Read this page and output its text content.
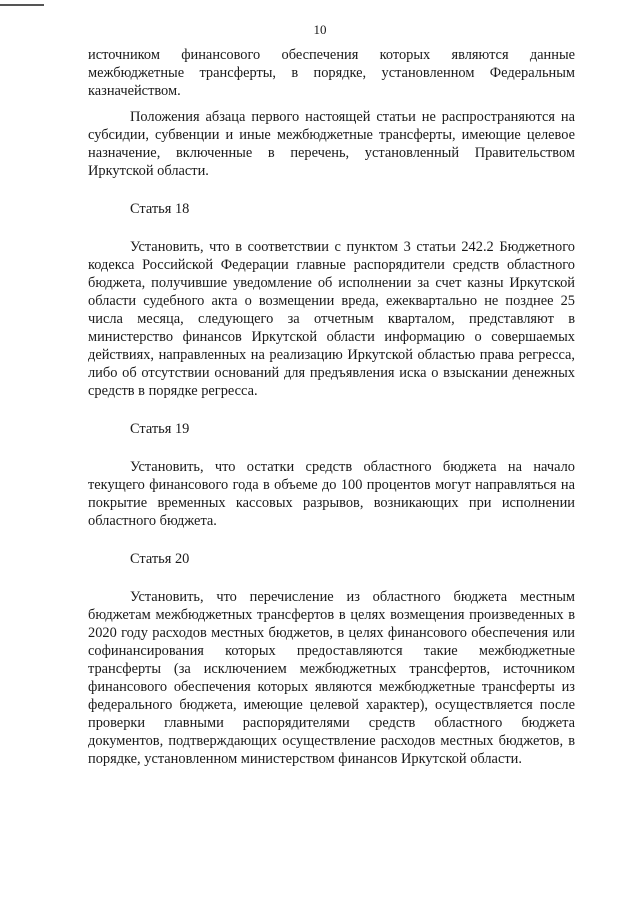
10

источником финансового обеспечения которых являются данные межбюджетные трансферты, в порядке, установленном Федеральным казначейством.

Положения абзаца первого настоящей статьи не распространяются на субсидии, субвенции и иные межбюджетные трансферты, имеющие целевое назначение, включенные в перечень, установленный Правительством Иркутской области.

Статья 18

Установить, что в соответствии с пунктом 3 статьи 242.2 Бюджетного кодекса Российской Федерации главные распорядители средств областного бюджета, получившие уведомление об исполнении за счет казны Иркутской области судебного акта о возмещении вреда, ежеквартально не позднее 25 числа месяца, следующего за отчетным кварталом, представляют в министерство финансов Иркутской области информацию о совершаемых действиях, направленных на реализацию Иркутской областью права регресса, либо об отсутствии оснований для предъявления иска о взыскании денежных средств в порядке регресса.

Статья 19

Установить, что остатки средств областного бюджета на начало текущего финансового года в объеме до 100 процентов могут направляться на покрытие временных кассовых разрывов, возникающих при исполнении областного бюджета.

Статья 20

Установить, что перечисление из областного бюджета местным бюджетам межбюджетных трансфертов в целях возмещения произведенных в 2020 году расходов местных бюджетов, в целях финансового обеспечения или софинансирования которых предоставляются такие межбюджетные трансферты (за исключением межбюджетных трансфертов, источником финансового обеспечения которых являются межбюджетные трансферты из федерального бюджета, имеющие целевой характер), осуществляется после проверки главными распорядителями средств областного бюджета документов, подтверждающих осуществление расходов местных бюджетов, в порядке, установленном министерством финансов Иркутской области.
